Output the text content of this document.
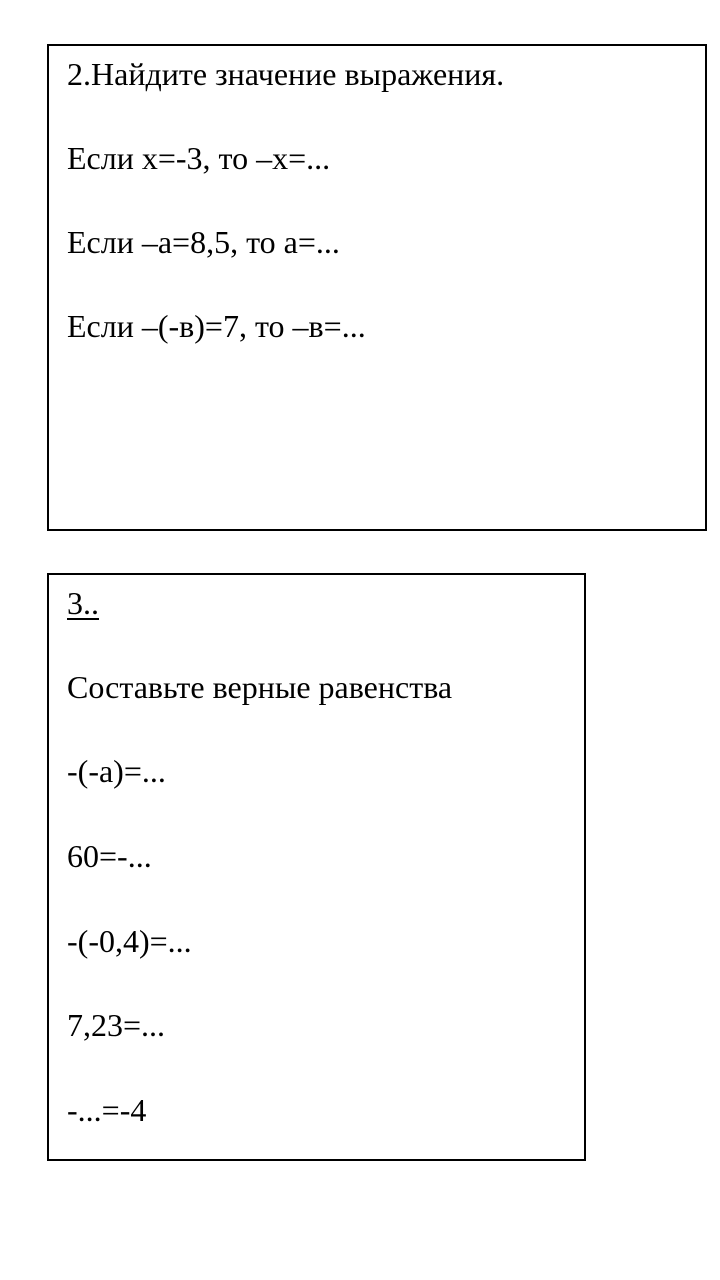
2.Найдите значение выражения.

Если x=-3, то –x=...

Если –a=8,5, то a=...

Если –(-в)=7, то –в=...

3..

Составьте верные равенства

-(-a)=...

60=-...

-(-0,4)=...

7,23=...

-...=-4
